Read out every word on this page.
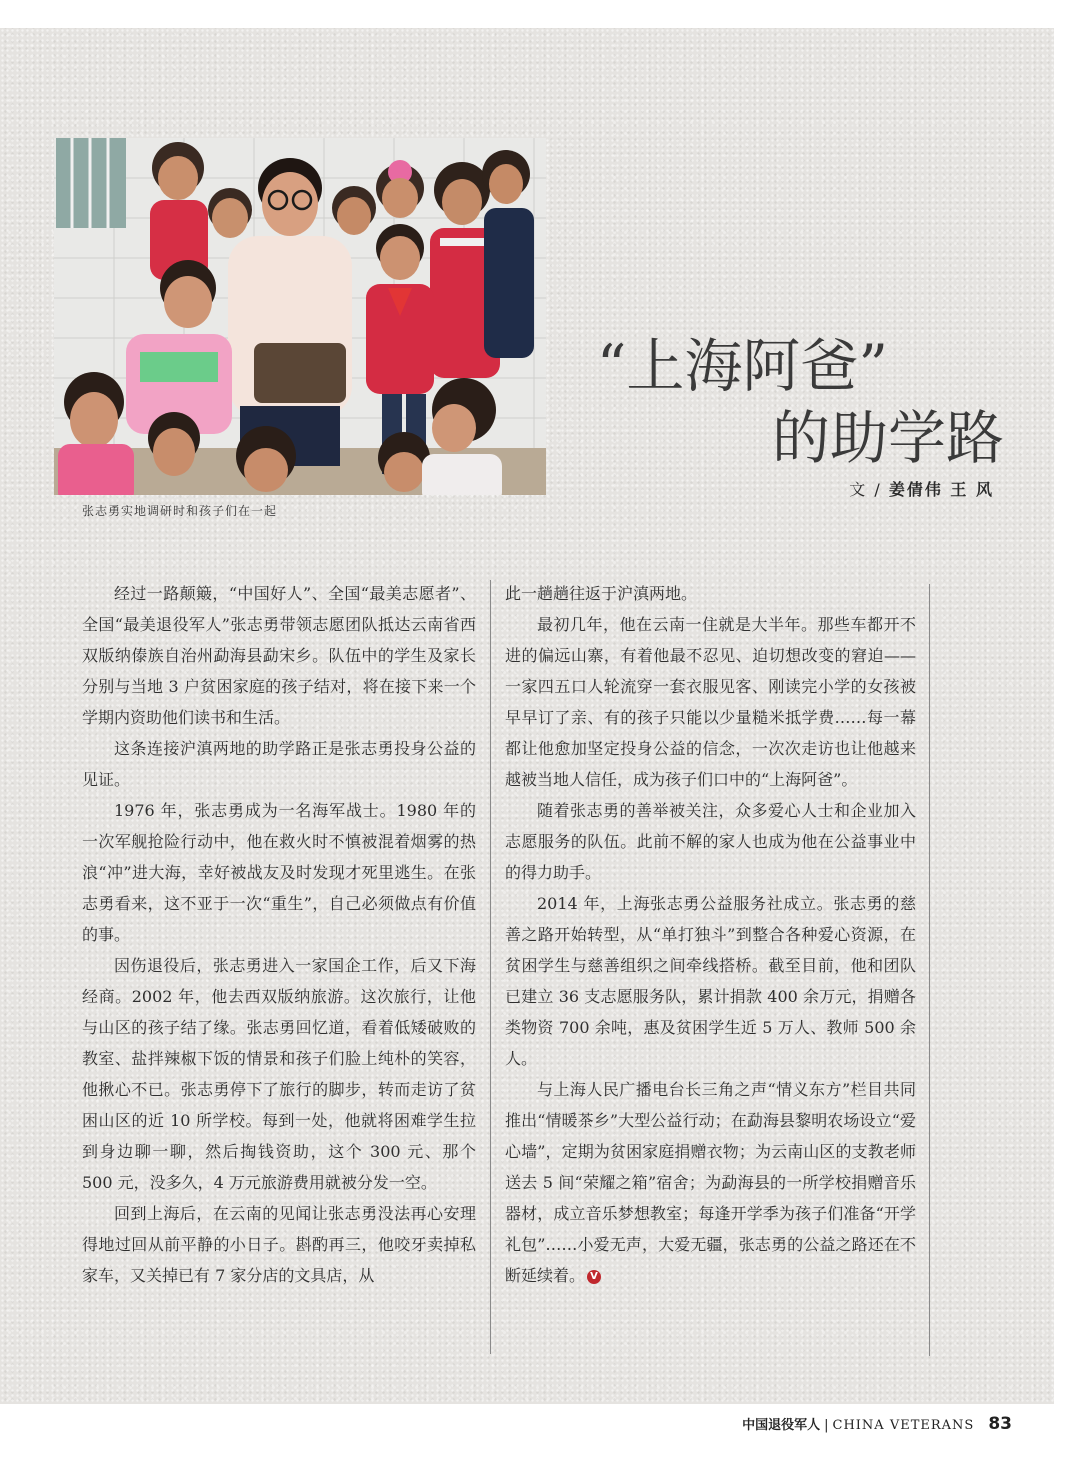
张志勇实地调研时和孩子们在一起
“上海阿爸”
的助学路
文 / 姜倩伟 王 风

经过一路颠簸，“中国好人”、全国“最美志愿者”、全国“最美退役军人”张志勇带领志愿团队抵达云南省西双版纳傣族自治州勐海县勐宋乡。队伍中的学生及家长分别与当地 3 户贫困家庭的孩子结对，将在接下来一个学期内资助他们读书和生活。

这条连接沪滇两地的助学路正是张志勇投身公益的见证。

1976 年，张志勇成为一名海军战士。1980 年的一次军舰抢险行动中，他在救火时不慎被混着烟雾的热浪“冲”进大海，幸好被战友及时发现才死里逃生。在张志勇看来，这不亚于一次“重生”，自己必须做点有价值的事。

因伤退役后，张志勇进入一家国企工作，后又下海经商。2002 年，他去西双版纳旅游。这次旅行，让他与山区的孩子结了缘。张志勇回忆道，看着低矮破败的教室、盐拌辣椒下饭的情景和孩子们脸上纯朴的笑容，他揪心不已。张志勇停下了旅行的脚步，转而走访了贫困山区的近 10 所学校。每到一处，他就将困难学生拉到身边聊一聊，然后掏钱资助，这个 300 元、那个 500 元，没多久，4 万元旅游费用就被分发一空。

回到上海后，在云南的见闻让张志勇没法再心安理得地过回从前平静的小日子。斟酌再三，他咬牙卖掉私家车，又关掉已有 7 家分店的文具店，从

此一趟趟往返于沪滇两地。

最初几年，他在云南一住就是大半年。那些车都开不进的偏远山寨，有着他最不忍见、迫切想改变的窘迫——一家四五口人轮流穿一套衣服见客、刚读完小学的女孩被早早订了亲、有的孩子只能以少量糙米抵学费……每一幕都让他愈加坚定投身公益的信念，一次次走访也让他越来越被当地人信任，成为孩子们口中的“上海阿爸”。

随着张志勇的善举被关注，众多爱心人士和企业加入志愿服务的队伍。此前不解的家人也成为他在公益事业中的得力助手。

2014 年，上海张志勇公益服务社成立。张志勇的慈善之路开始转型，从“单打独斗”到整合各种爱心资源，在贫困学生与慈善组织之间牵线搭桥。截至目前，他和团队已建立 36 支志愿服务队，累计捐款 400 余万元，捐赠各类物资 700 余吨，惠及贫困学生近 5 万人、教师 500 余人。

与上海人民广播电台长三角之声“情义东方”栏目共同推出“情暖茶乡”大型公益行动；在勐海县黎明农场设立“爱心墙”，定期为贫困家庭捐赠衣物；为云南山区的支教老师送去 5 间“荣耀之箱”宿舍；为勐海县的一所学校捐赠音乐器材，成立音乐梦想教室；每逢开学季为孩子们准备“开学礼包”……小爱无声，大爱无疆，张志勇的公益之路还在不断延续着。 V

中国退役军人 | CHINA VETERANS 83
